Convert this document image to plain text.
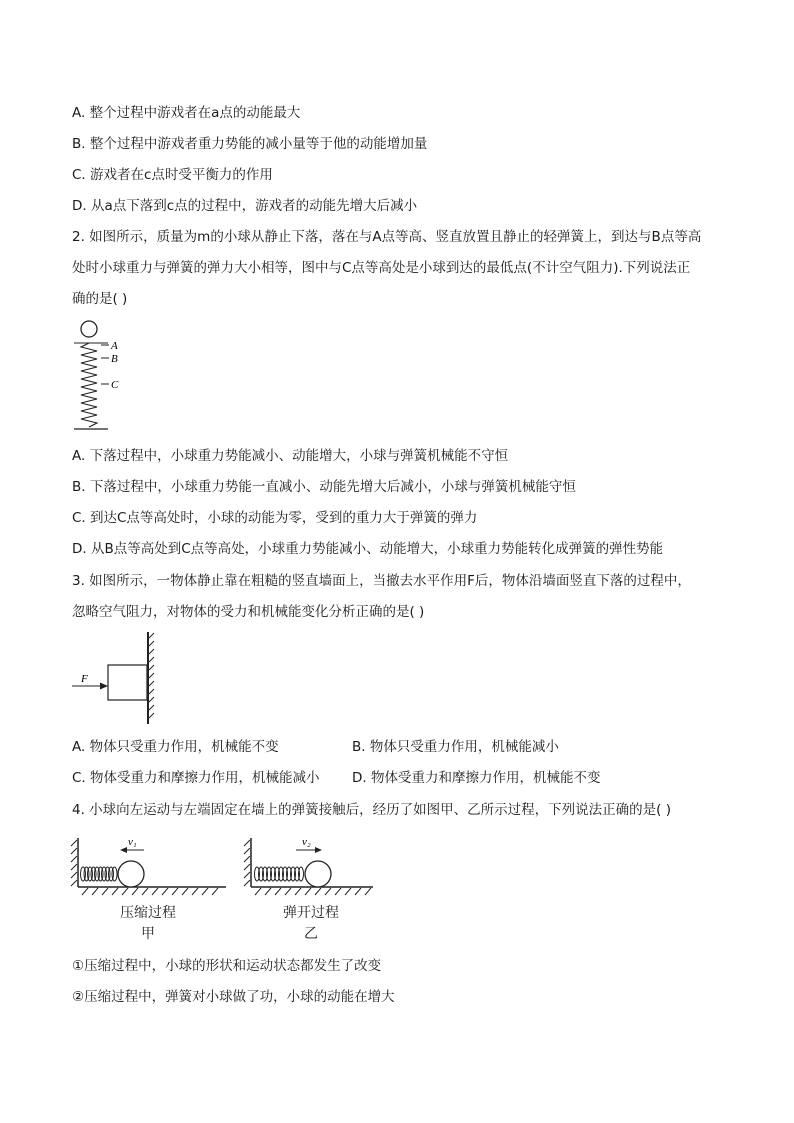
A. 整个过程中游戏者在a点的动能最大
B. 整个过程中游戏者重力势能的减小量等于他的动能增加量
C. 游戏者在c点时受平衡力的作用
D. 从a点下落到c点的过程中，游戏者的动能先增大后减小
2. 如图所示，质量为m的小球从静止下落，落在与A点等高、竖直放置且静止的轻弹簧上，到达与B点等高
处时小球重力与弹簧的弹力大小相等，图中与C点等高处是小球到达的最低点(不计空气阻力).下列说法正
确的是( )
A
B
C
A. 下落过程中，小球重力势能减小、动能增大，小球与弹簧机械能不守恒
B. 下落过程中，小球重力势能一直减小、动能先增大后减小，小球与弹簧机械能守恒
C. 到达C点等高处时，小球的动能为零，受到的重力大于弹簧的弹力
D. 从B点等高处到C点等高处，小球重力势能减小、动能增大，小球重力势能转化成弹簧的弹性势能
3. 如图所示，一物体静止靠在粗糙的竖直墙面上，当撤去水平作用F后，物体沿墙面竖直下落的过程中，
忽略空气阻力，对物体的受力和机械能变化分析正确的是( )
F
A. 物体只受重力作用，机械能不变	B. 物体只受重力作用，机械能减小
C. 物体受重力和摩擦力作用，机械能减小 D. 物体受重力和摩擦力作用，机械能不变
4. 小球向左运动与左端固定在墙上的弹簧接触后，经历了如图甲、乙所示过程，下列说法正确的是( )
v₁
压缩过程
甲
v₂
弹开过程
乙
①压缩过程中，小球的形状和运动状态都发生了改变
②压缩过程中，弹簧对小球做了功，小球的动能在增大
